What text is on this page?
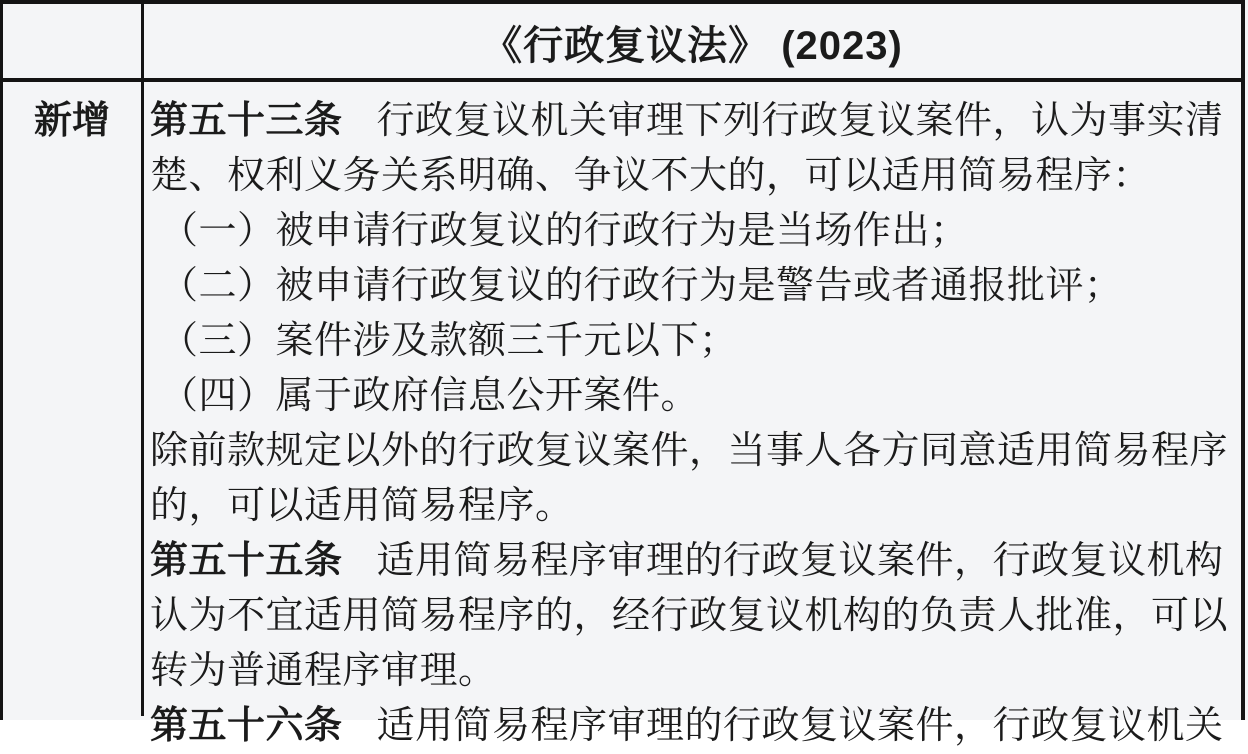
《行政复议法》 (2023)
新增	第五十三条 行政复议机关审理下列行政复议案件，认为事实清
楚、权利义务关系明确、争议不大的，可以适用简易程序：
（一）被申请行政复议的行政行为是当场作出；
（二）被申请行政复议的行政行为是警告或者通报批评；
（三）案件涉及款额三千元以下；
（四）属于政府信息公开案件。
除前款规定以外的行政复议案件，当事人各方同意适用简易程序
的，可以适用简易程序。
第五十五条 适用简易程序审理的行政复议案件，行政复议机构
认为不宜适用简易程序的，经行政复议机构的负责人批准，可以
转为普通程序审理。
第五十六条 适用简易程序审理的行政复议案件，行政复议机关
